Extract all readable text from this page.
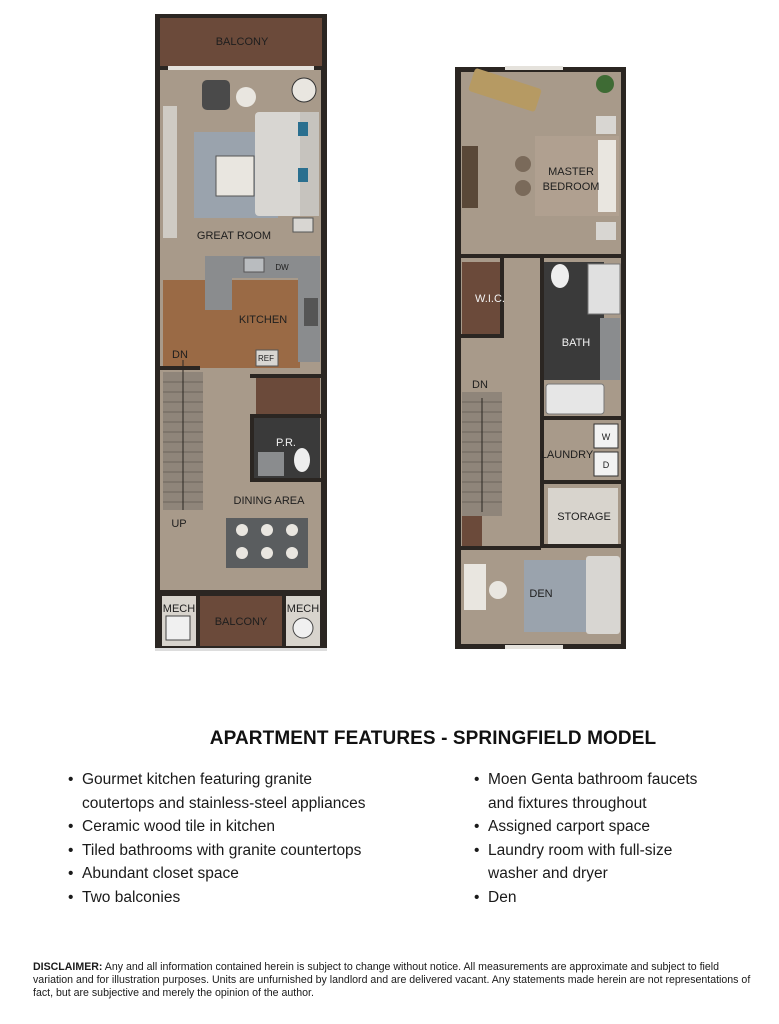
BALCONY
GREAT ROOM
DW
KITCHEN
REF
DN
P.R.
DINING AREA
UP
MECH
BALCONY
MECH
MASTER
BEDROOM
W.I.C.
BATH
DN
LAUNDRY
W
D
STORAGE
DEN
APARTMENT FEATURES - SPRINGFIELD MODEL
• Gourmet kitchen featuring granite
coutertops and stainless-steel appliances
• Ceramic wood tile in kitchen
• Tiled bathrooms with granite countertops
• Abundant closet space
• Two balconies
• Moen Genta bathroom faucets
and fixtures throughout
• Assigned carport space
• Laundry room with full-size
washer and dryer
• Den
DISCLAIMER: Any and all information contained herein is subject to change without notice. All measurements are approximate and subject to field variation and for illustration purposes. Units are unfurnished by landlord and are delivered vacant. Any statements made herein are not representations of fact, but are subjective and merely the opinion of the author.
